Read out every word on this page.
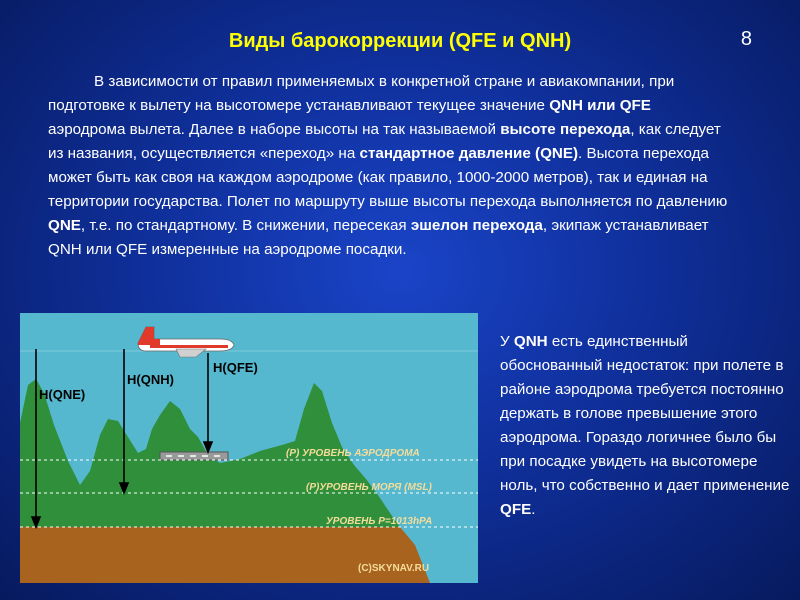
Виды барокоррекции (QFE и QNH)	8
В зависимости от правил применяемых в конкретной стране и авиакомпании, при подготовке к вылету на высотомере устанавливают текущее значение QNH или QFE аэродрома вылета. Далее в наборе высоты на так называемой высоте перехода, как следует из названия, осуществляется «переход» на стандартное давление (QNE). Высота перехода может быть как своя на каждом аэродроме (как правило, 1000-2000 метров), так и единая на территории государства. Полет по маршруту выше высоты перехода выполняется по давлению QNE, т.е. по стандартному. В снижении, пересекая эшелон перехода, экипаж устанавливает QNH или QFE измеренные на аэродроме посадки.
У QNH есть единственный обоснованный недостаток: при полете в районе аэродрома требуется постоянно держать в голове превышение этого аэродрома. Гораздо логичнее было бы при посадке увидеть на высотомере ноль, что собственно и дает применение QFE.
H(QNE)
H(QNH)
H(QFE)
(P) УРОВЕНЬ АЭРОДРОМА
(P)УРОВЕНЬ МОРЯ (MSL)
УРОВЕНЬ P=1013hPA
(C)SKYNAV.RU
